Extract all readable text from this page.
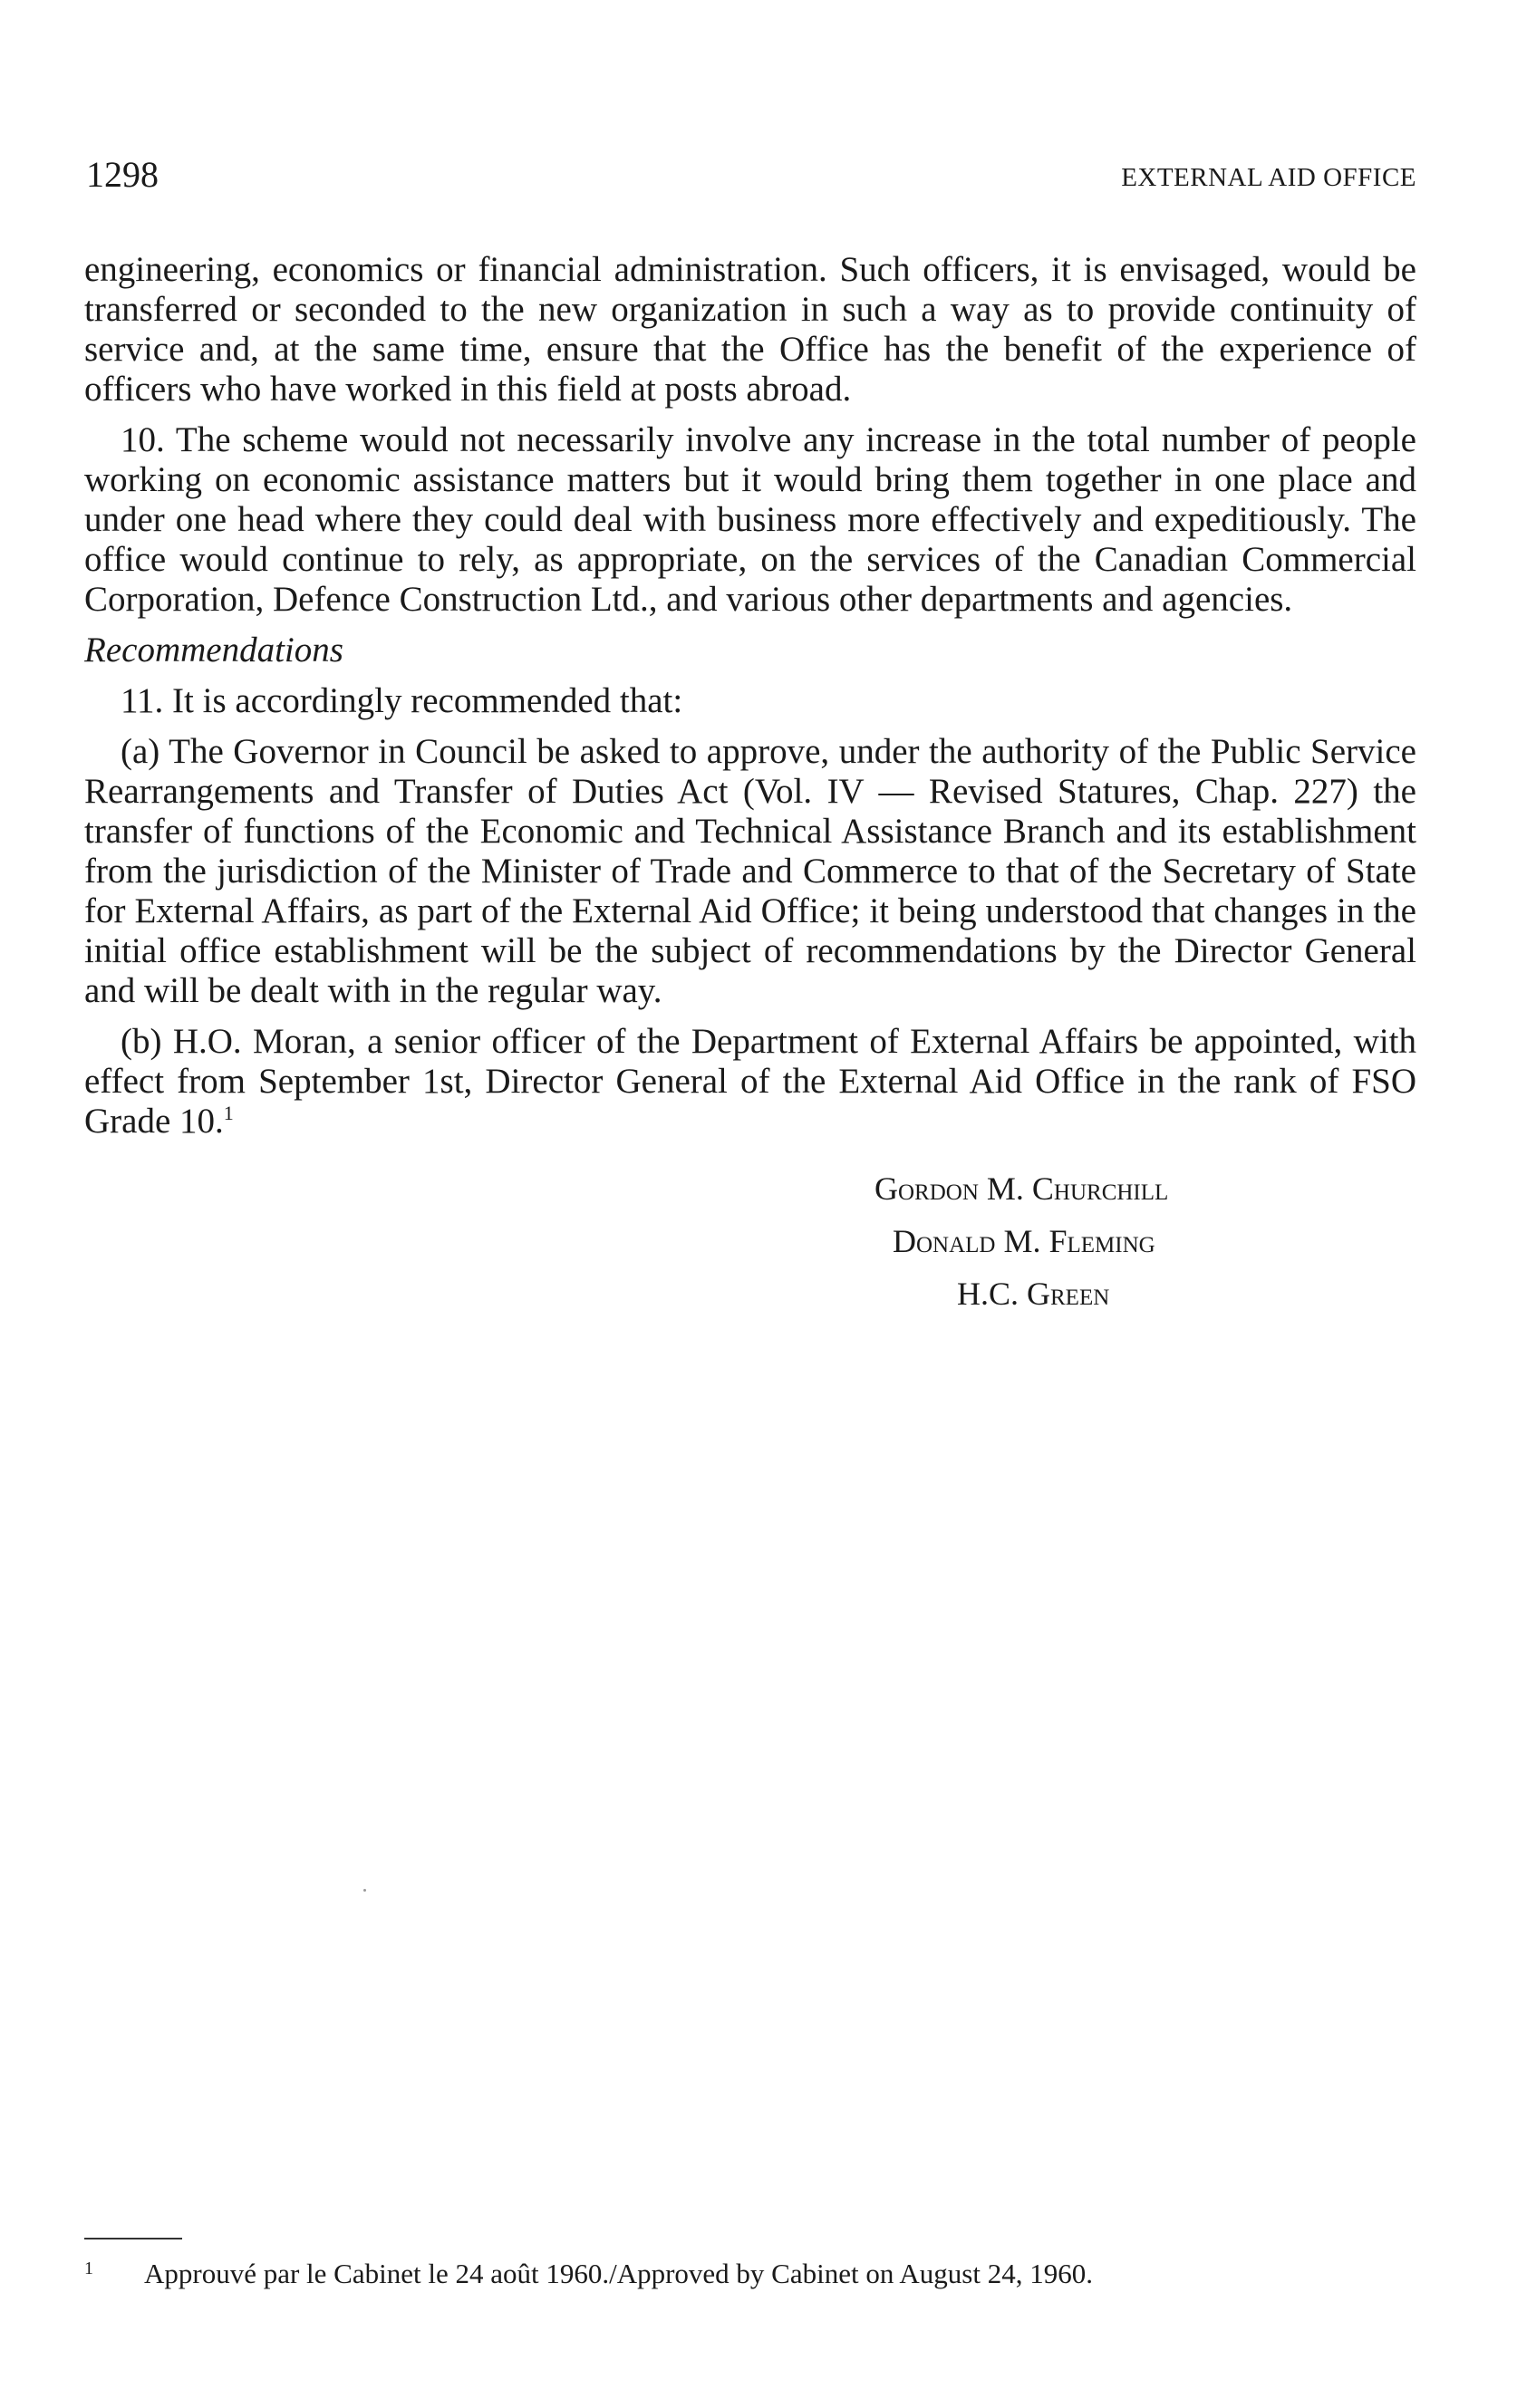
1298	EXTERNAL AID OFFICE

engineering, economics or financial administration. Such officers, it is envisaged, would be transferred or seconded to the new organization in such a way as to provide continuity of service and, at the same time, ensure that the Office has the benefit of the experience of officers who have worked in this field at posts abroad.

10. The scheme would not necessarily involve any increase in the total number of people working on economic assistance matters but it would bring them together in one place and under one head where they could deal with business more effectively and expeditiously. The office would continue to rely, as appropriate, on the services of the Canadian Commercial Corporation, Defence Construction Ltd., and various other departments and agencies.

Recommendations

11. It is accordingly recommended that:

(a) The Governor in Council be asked to approve, under the authority of the Public Service Rearrangements and Transfer of Duties Act (Vol. IV — Revised Statures, Chap. 227) the transfer of functions of the Economic and Technical Assistance Branch and its establishment from the jurisdiction of the Minister of Trade and Commerce to that of the Secretary of State for External Affairs, as part of the External Aid Office; it being understood that changes in the initial office establishment will be the subject of recommendations by the Director General and will be dealt with in the regular way.

(b) H.O. Moran, a senior officer of the Department of External Affairs be appointed, with effect from September 1st, Director General of the External Aid Office in the rank of FSO Grade 10.$^1$

Gordon M. Churchill
Donald M. Fleming
H.C. Green
1 Approuvé par le Cabinet le 24 août 1960./Approved by Cabinet on August 24, 1960.
